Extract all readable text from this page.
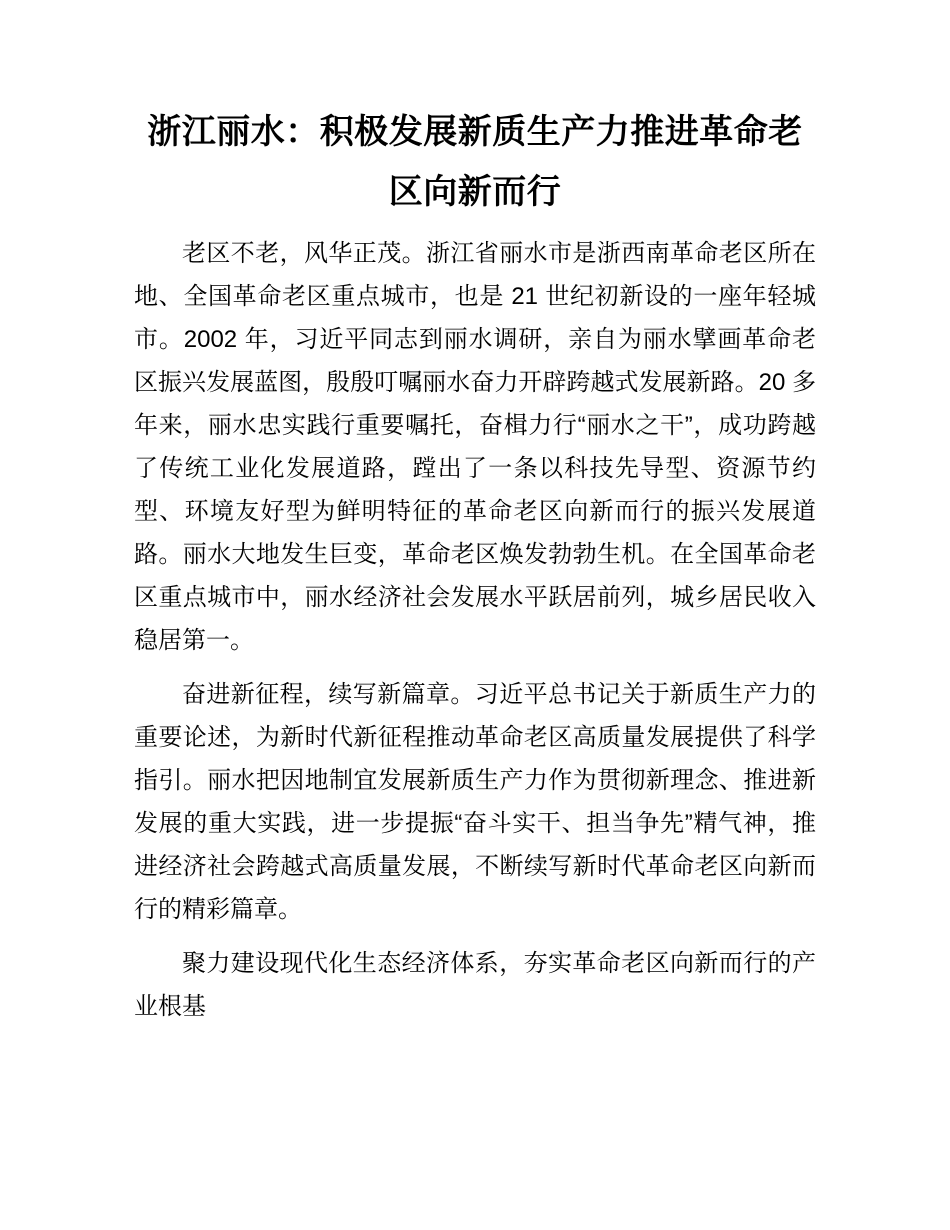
浙江丽水：积极发展新质生产力推进革命老区向新而行

老区不老，风华正茂。浙江省丽水市是浙西南革命老区所在地、全国革命老区重点城市，也是 21 世纪初新设的一座年轻城市。2002 年，习近平同志到丽水调研，亲自为丽水擘画革命老区振兴发展蓝图，殷殷叮嘱丽水奋力开辟跨越式发展新路。20 多年来，丽水忠实践行重要嘱托，奋楫力行“丽水之干”，成功跨越了传统工业化发展道路，蹚出了一条以科技先导型、资源节约型、环境友好型为鲜明特征的革命老区向新而行的振兴发展道路。丽水大地发生巨变，革命老区焕发勃勃生机。在全国革命老区重点城市中，丽水经济社会发展水平跃居前列，城乡居民收入稳居第一。

奋进新征程，续写新篇章。习近平总书记关于新质生产力的重要论述，为新时代新征程推动革命老区高质量发展提供了科学指引。丽水把因地制宜发展新质生产力作为贯彻新理念、推进新发展的重大实践，进一步提振“奋斗实干、担当争先”精气神，推进经济社会跨越式高质量发展，不断续写新时代革命老区向新而行的精彩篇章。

聚力建设现代化生态经济体系，夯实革命老区向新而行的产业根基
